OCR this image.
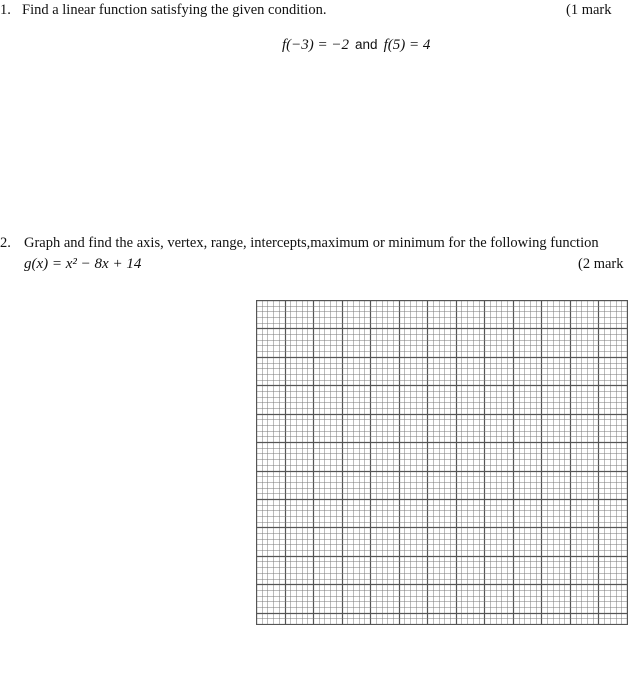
1. Find a linear function satisfying the given condition.	(1 mark
f(−3) = −2 and f(5) = 4
2. Graph and find the axis, vertex, range, intercepts,maximum or minimum for the following function
g(x) = x² − 8x + 14	(2 mark
